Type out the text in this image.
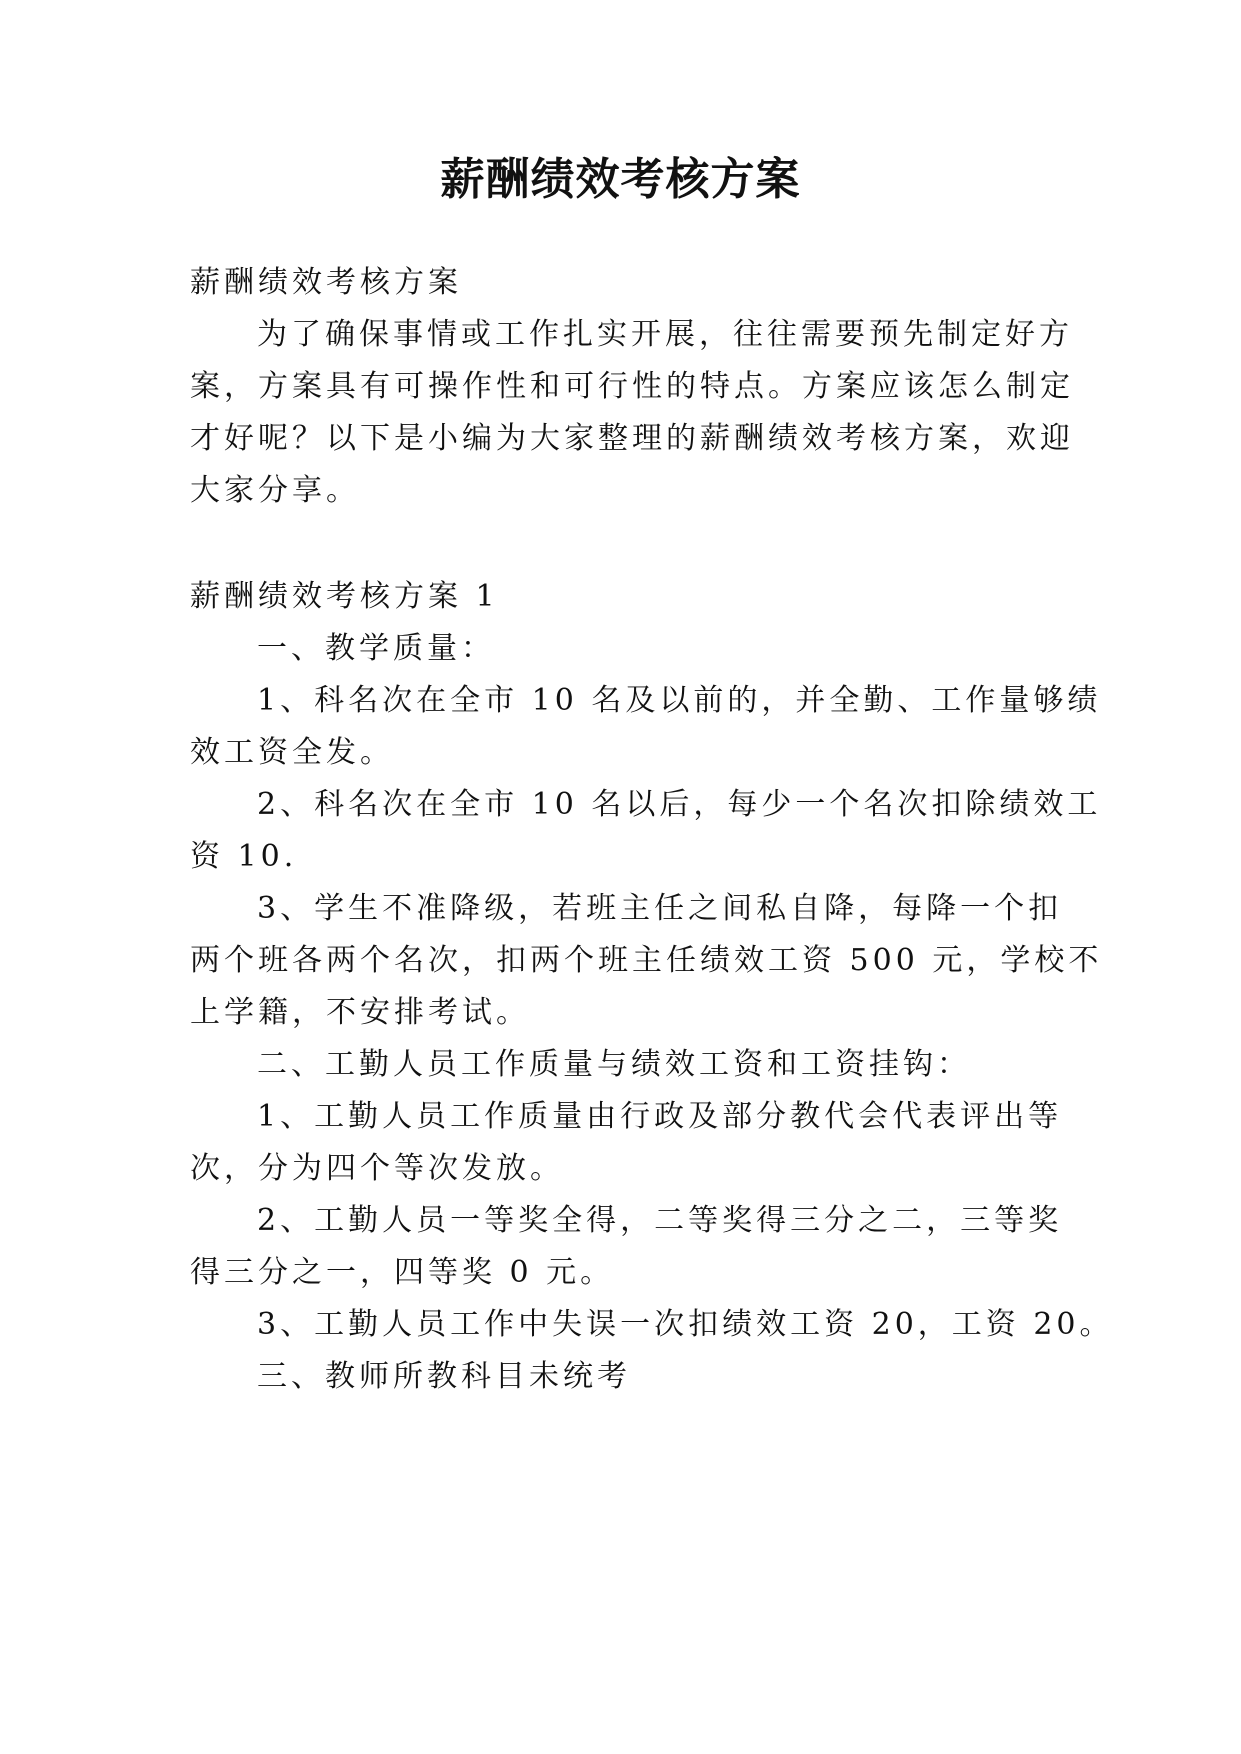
薪酬绩效考核方案
薪酬绩效考核方案
为了确保事情或工作扎实开展，往往需要预先制定好方
案，方案具有可操作性和可行性的特点。方案应该怎么制定
才好呢？以下是小编为大家整理的薪酬绩效考核方案，欢迎
大家分享。
薪酬绩效考核方案 1
一、教学质量：
1、科名次在全市 10 名及以前的，并全勤、工作量够绩
效工资全发。
2、科名次在全市 10 名以后，每少一个名次扣除绩效工
资 10.
3、学生不准降级，若班主任之间私自降，每降一个扣
两个班各两个名次，扣两个班主任绩效工资 500 元，学校不
上学籍，不安排考试。
二、工勤人员工作质量与绩效工资和工资挂钩：
1、工勤人员工作质量由行政及部分教代会代表评出等
次，分为四个等次发放。
2、工勤人员一等奖全得，二等奖得三分之二，三等奖
得三分之一，四等奖 0 元。
3、工勤人员工作中失误一次扣绩效工资 20，工资 20。
三、教师所教科目未统考
